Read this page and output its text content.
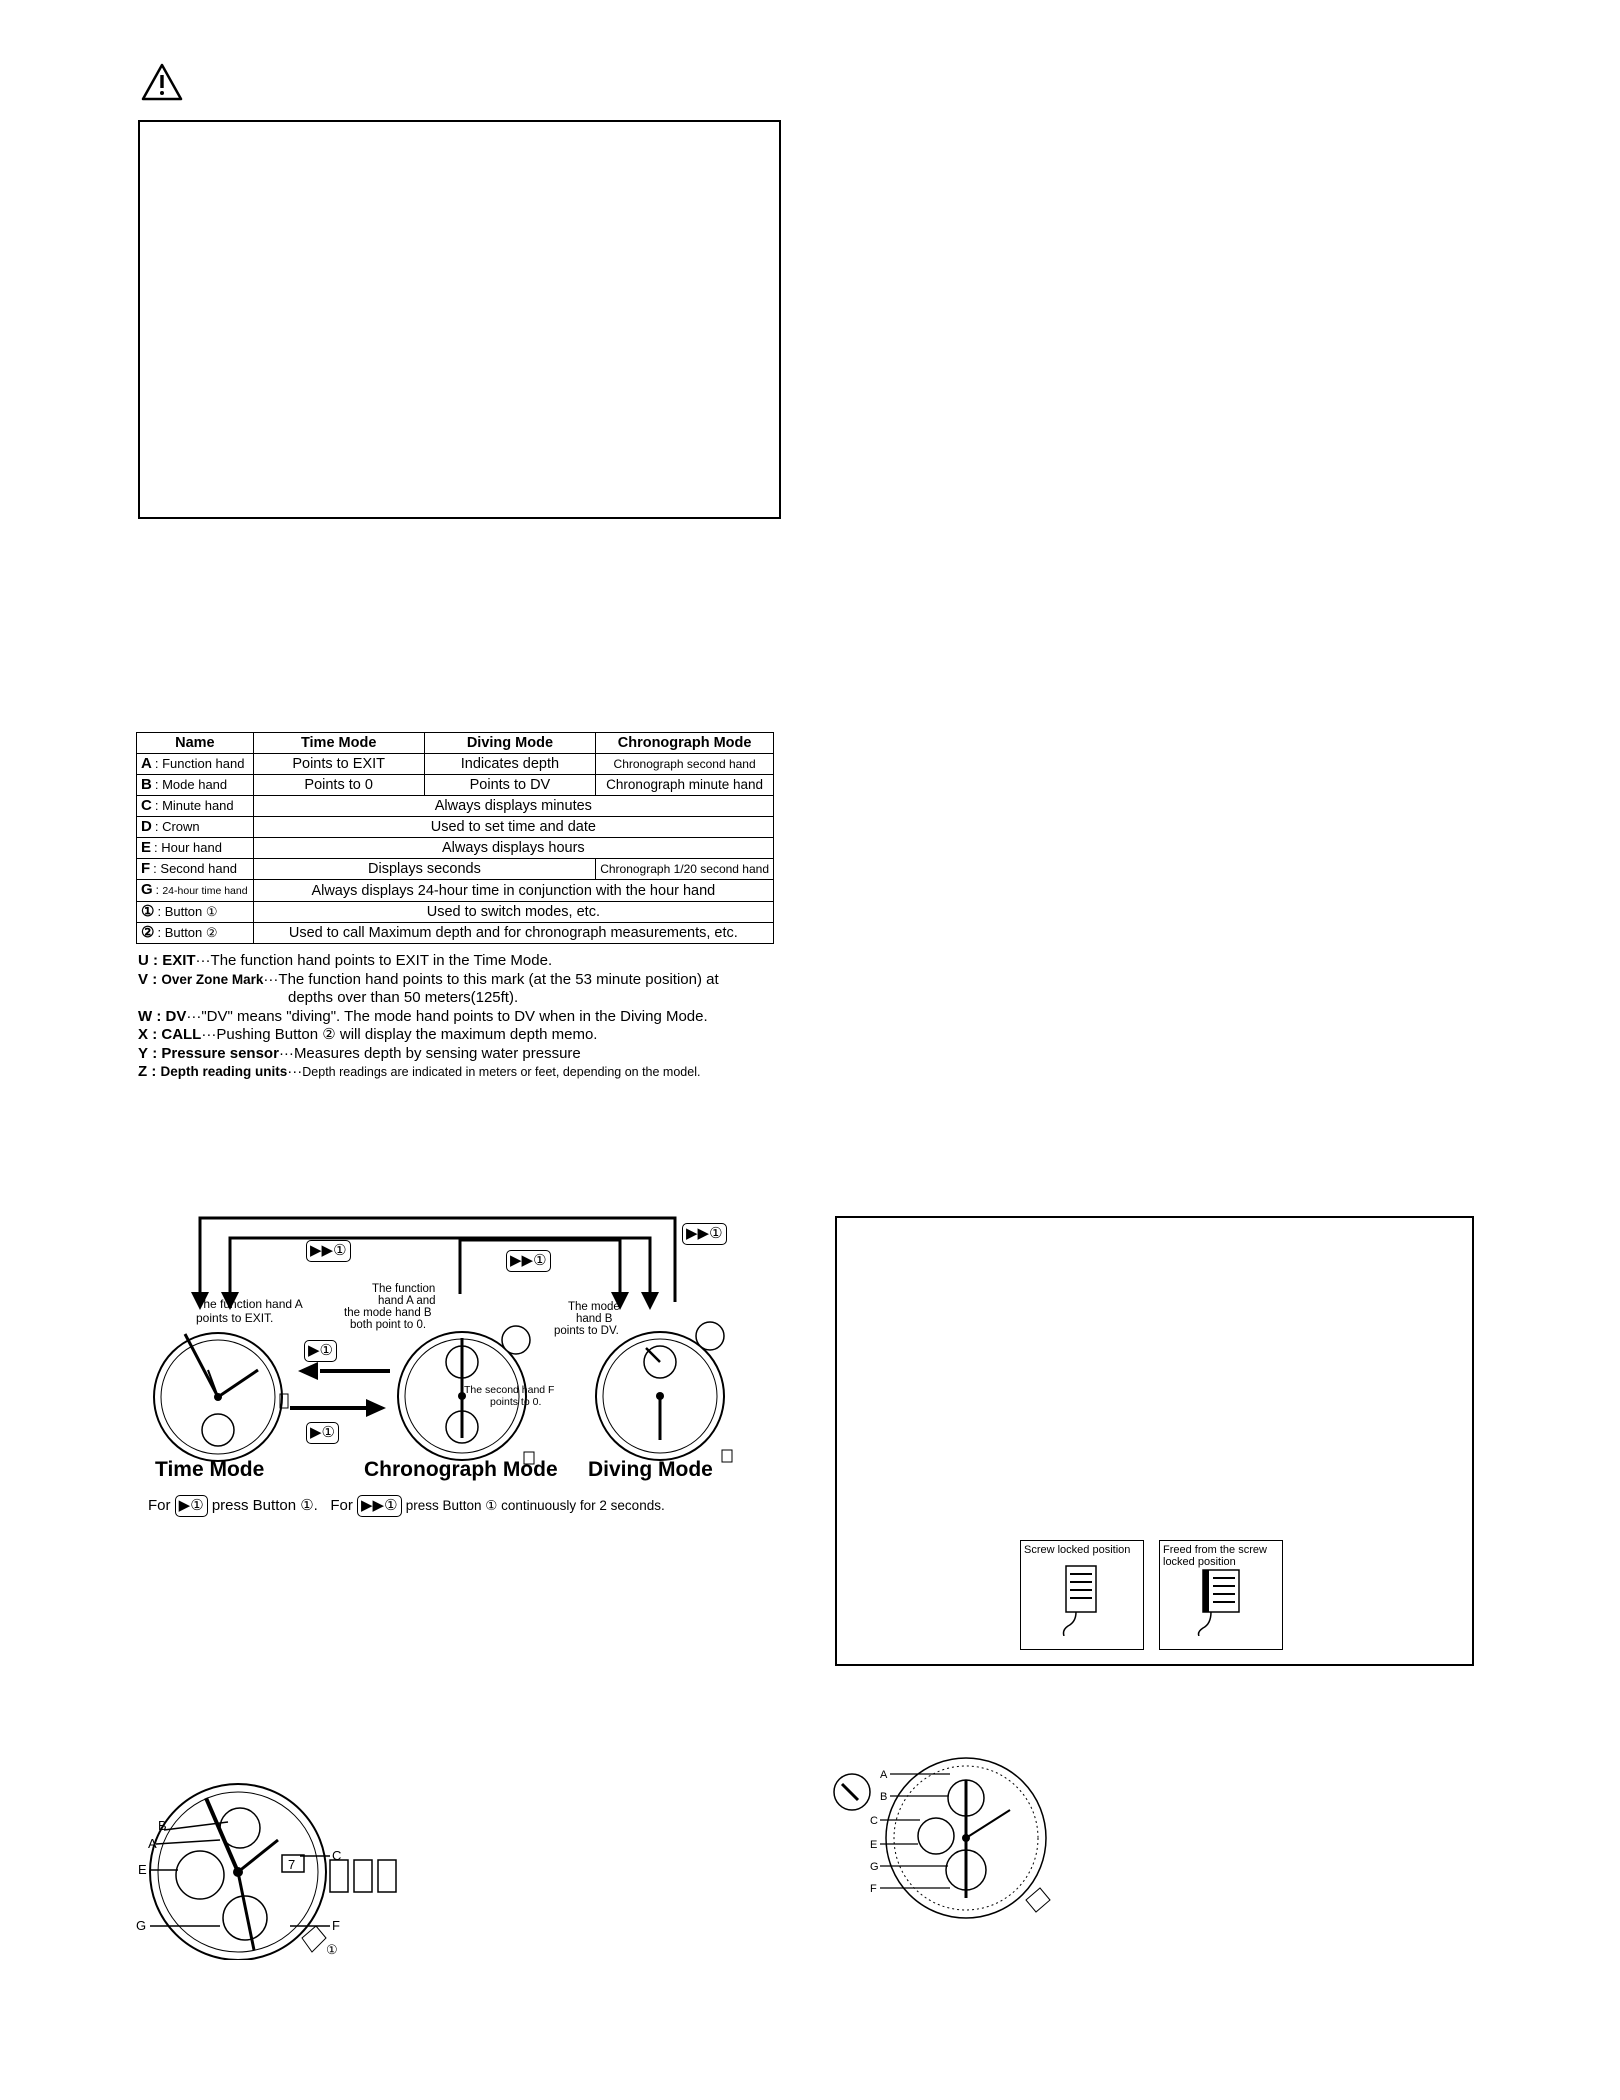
Name	Time Mode	Diving Mode	Chronograph Mode
A : Function hand	Points to EXIT	Indicates depth	Chronograph second hand
B : Mode hand	Points to 0	Points to DV	Chronograph minute hand
C : Minute hand	Always displays minutes		
D : Crown	Used to set time and date		
E : Hour hand	Always displays hours		
F : Second hand	Displays seconds		Chronograph 1/20 second hand
G : 24-hour time hand	Always displays 24-hour time in conjunction with the hour hand		
① : Button ①	Used to switch modes, etc.		
② : Button ②	Used to call Maximum depth and for chronograph measurements, etc.		
U : EXIT···The function hand points to EXIT in the Time Mode.
V : Over Zone Mark···The function hand points to this mark (at the 53 minute position) at
depths over than 50 meters(125ft).
W : DV···"DV" means "diving". The mode hand points to DV when in the Diving Mode.
X : CALL···Pushing Button ② will display the maximum depth memo.
Y : Pressure sensor···Measures depth by sensing water pressure
Z : Depth reading units···Depth readings are indicated in meters or feet, depending on the model.
The function hand A
points to EXIT.
The function hand A and the mode hand B both point to 0.
The second hand F points to 0.
The mode hand B points to DV.
▶▶①
▶▶①
▶▶①
▶①
▶①
Time Mode	Chronograph Mode Diving Mode
For ▶① press Button ①. For ▶▶① press Button ① continuously for 2 seconds.
Screw locked position	Freed from the screw locked position
7
B
A
E
C
G	F
①
A
B
C
E
G
F
